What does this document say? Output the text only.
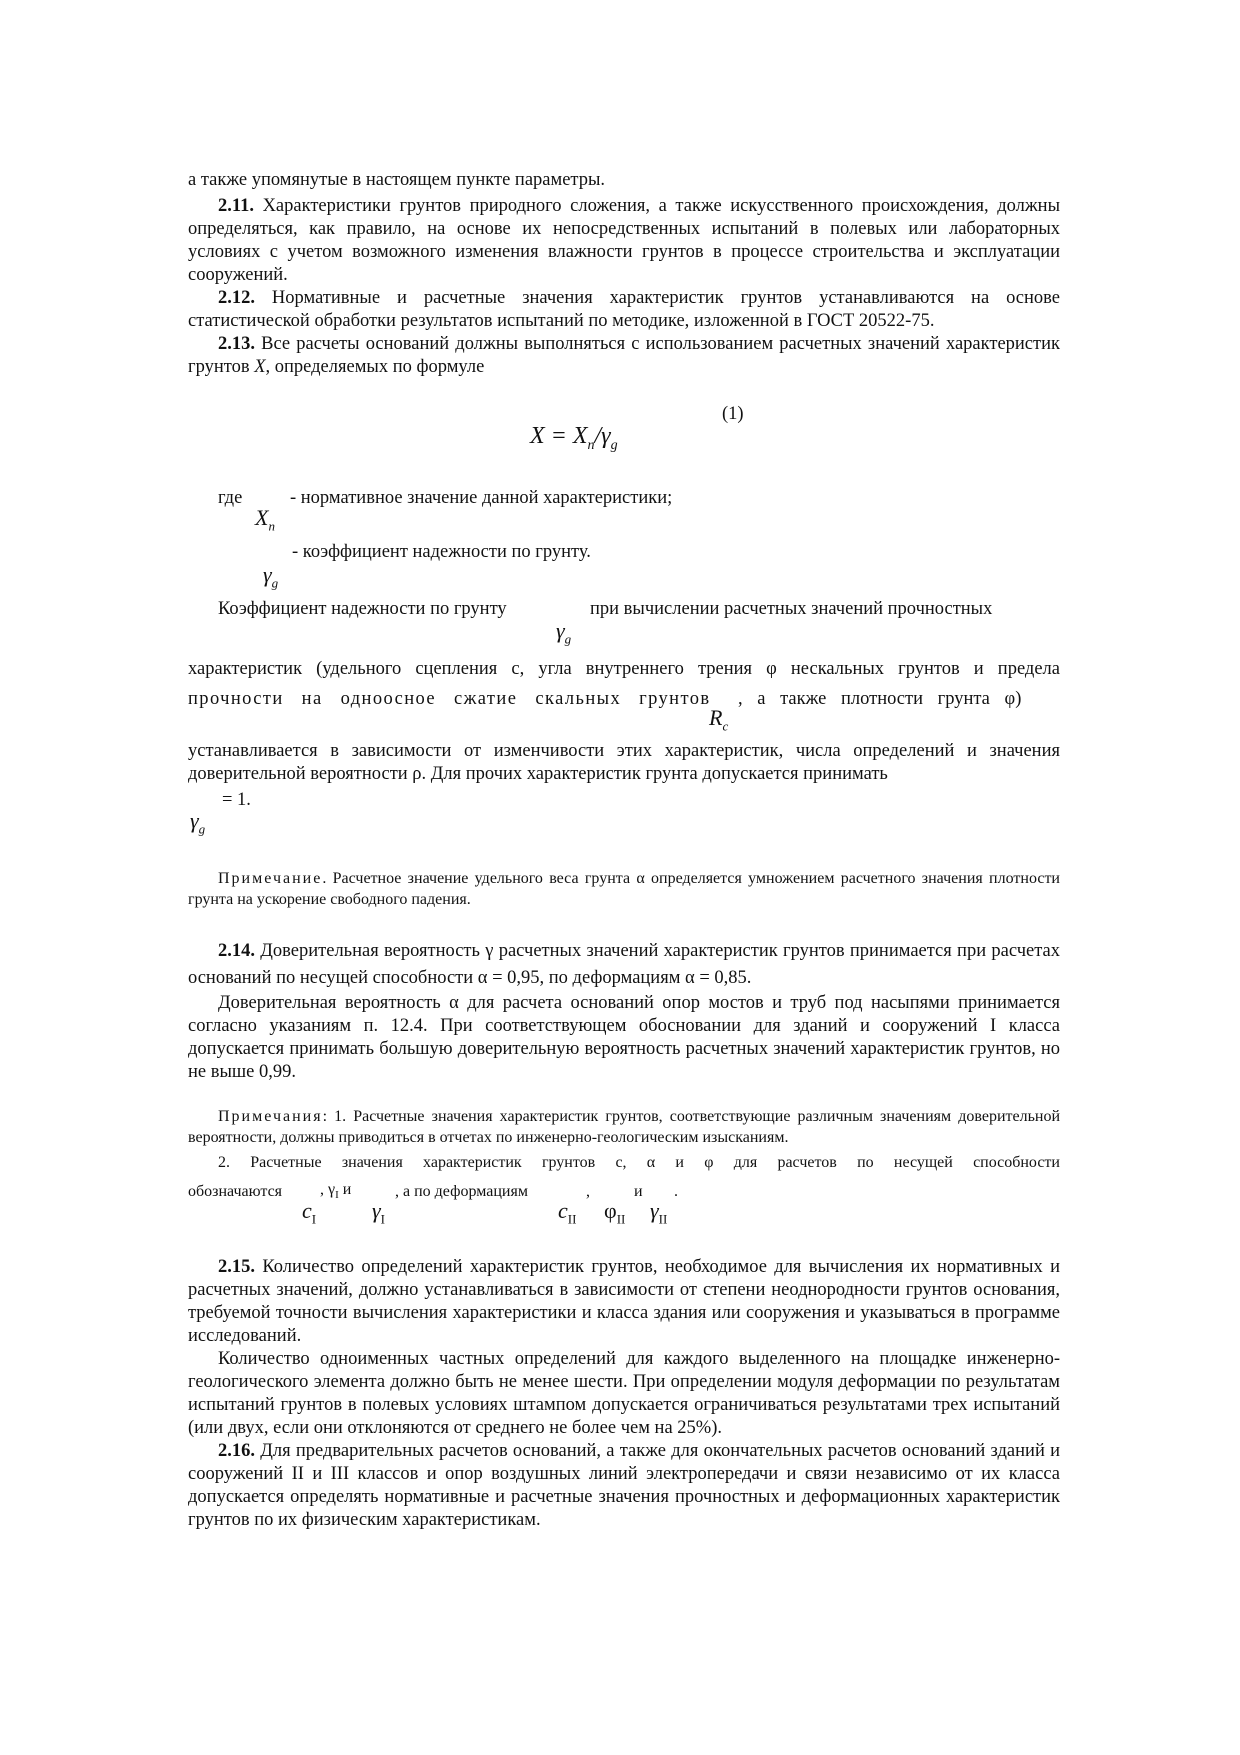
а также упомянутые в настоящем пункте параметры.

2.11. Характеристики грунтов природного сложения, а также искусственного происхождения, должны определяться, как правило, на основе их непосредственных испытаний в полевых или лабораторных условиях с учетом возможного изменения влажности грунтов в процессе строительства и эксплуатации сооружений.

2.12. Нормативные и расчетные значения характеристик грунтов устанавливаются на основе статистической обработки результатов испытаний по методике, изложенной в ГОСТ 20522-75.

2.13. Все расчеты оснований должны выполняться с использованием расчетных значений характеристик грунтов X, определяемых по формуле

(1)
$X = X_n/\gamma_g$
где	- нормативное значение данной характеристики;
$X_n$
- коэффициент надежности по грунту.
$\gamma_g$
Коэффициент надежности по грунту	при вычислении расчетных значений прочностных
$\gamma_g$

характеристик (удельного сцепления c, угла внутреннего трения φ нескальных грунтов и предела

прочности на одноосное сжатие скальных грунтов , а также плотности грунта φ)
$R_c$

устанавливается в зависимости от изменчивости этих характеристик, числа определений и значения доверительной вероятности ρ. Для прочих характеристик грунта допускается принимать

= 1.
$\gamma_g$

Примечание. Расчетное значение удельного веса грунта α определяется умножением расчетного значения плотности грунта на ускорение свободного падения.

2.14. Доверительная вероятность γ расчетных значений характеристик грунтов принимается при расчетах оснований по несущей способности α = 0,95, по деформациям α = 0,85.

Доверительная вероятность α для расчета оснований опор мостов и труб под насыпями принимается согласно указаниям п. 12.4. При соответствующем обосновании для зданий и сооружений I класса допускается принимать большую доверительную вероятность расчетных значений характеристик грунтов, но не выше 0,99.

Примечания: 1. Расчетные значения характеристик грунтов, соответствующие различным значениям доверительной вероятности, должны приводиться в отчетах по инженерно-геологическим изысканиям.

2. Расчетные значения характеристик грунтов c, α и φ для расчетов по несущей способности

обозначаются , $\gamma_I$ и	, а по деформациям	,	и .
$c_I$	$\gamma_I$	$c_{II}$ $\varphi_{II}$ $\gamma_{II}$

2.15. Количество определений характеристик грунтов, необходимое для вычисления их нормативных и расчетных значений, должно устанавливаться в зависимости от степени неоднородности грунтов основания, требуемой точности вычисления характеристики и класса здания или сооружения и указываться в программе исследований.

Количество одноименных частных определений для каждого выделенного на площадке инженерно-геологического элемента должно быть не менее шести. При определении модуля деформации по результатам испытаний грунтов в полевых условиях штампом допускается ограничиваться результатами трех испытаний (или двух, если они отклоняются от среднего не более чем на 25%).

2.16. Для предварительных расчетов оснований, а также для окончательных расчетов оснований зданий и сооружений II и III классов и опор воздушных линий электропередачи и связи независимо от их класса допускается определять нормативные и расчетные значения прочностных и деформационных характеристик грунтов по их физическим характеристикам.
